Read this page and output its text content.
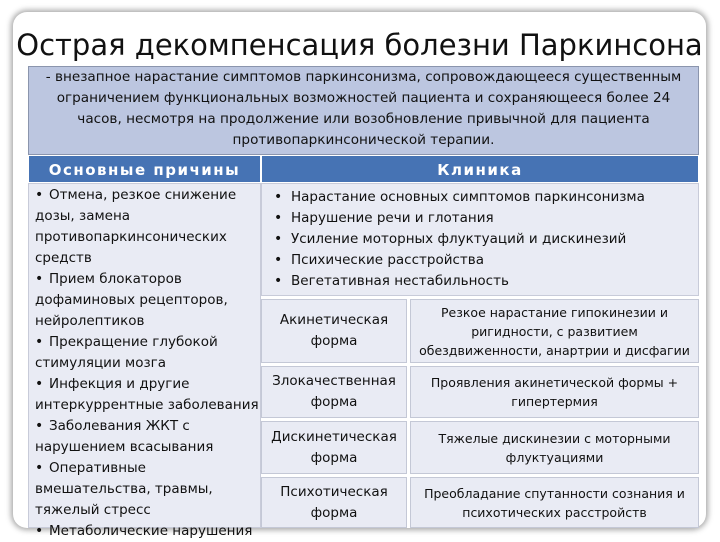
Острая декомпенсация болезни Паркинсона
- внезапное нарастание симптомов паркинсонизма, сопровождающееся существенным ограничением функциональных возможностей пациента и сохраняющееся более 24 часов, несмотря на продолжение или возобновление привычной для пациента противопаркинсонической терапии.
Основные причины	Клиника
• Отмена, резкое снижение дозы, замена противопаркинсонических средств
• Прием блокаторов дофаминовых рецепторов, нейролептиков
• Прекращение глубокой стимуляции мозга
• Инфекция и другие интеркуррентные заболевания
• Заболевания ЖКТ с нарушением всасывания
• Оперативные вмешательства, травмы, тяжелый стресс
• Метаболические нарушения
• Нарастание основных симптомов паркинсонизма
• Нарушение речи и глотания
• Усиление моторных флуктуаций и дискинезий
• Психические расстройства
• Вегетативная нестабильность
Акинетическая форма
Резкое нарастание гипокинезии и ригидности, с развитием обездвиженности, анартрии и дисфагии
Злокачественная форма
Проявления акинетической формы + гипертермия
Дискинетическая форма
Тяжелые дискинезии с моторными флуктуациями
Психотическая форма
Преобладание спутанности сознания и психотических расстройств
